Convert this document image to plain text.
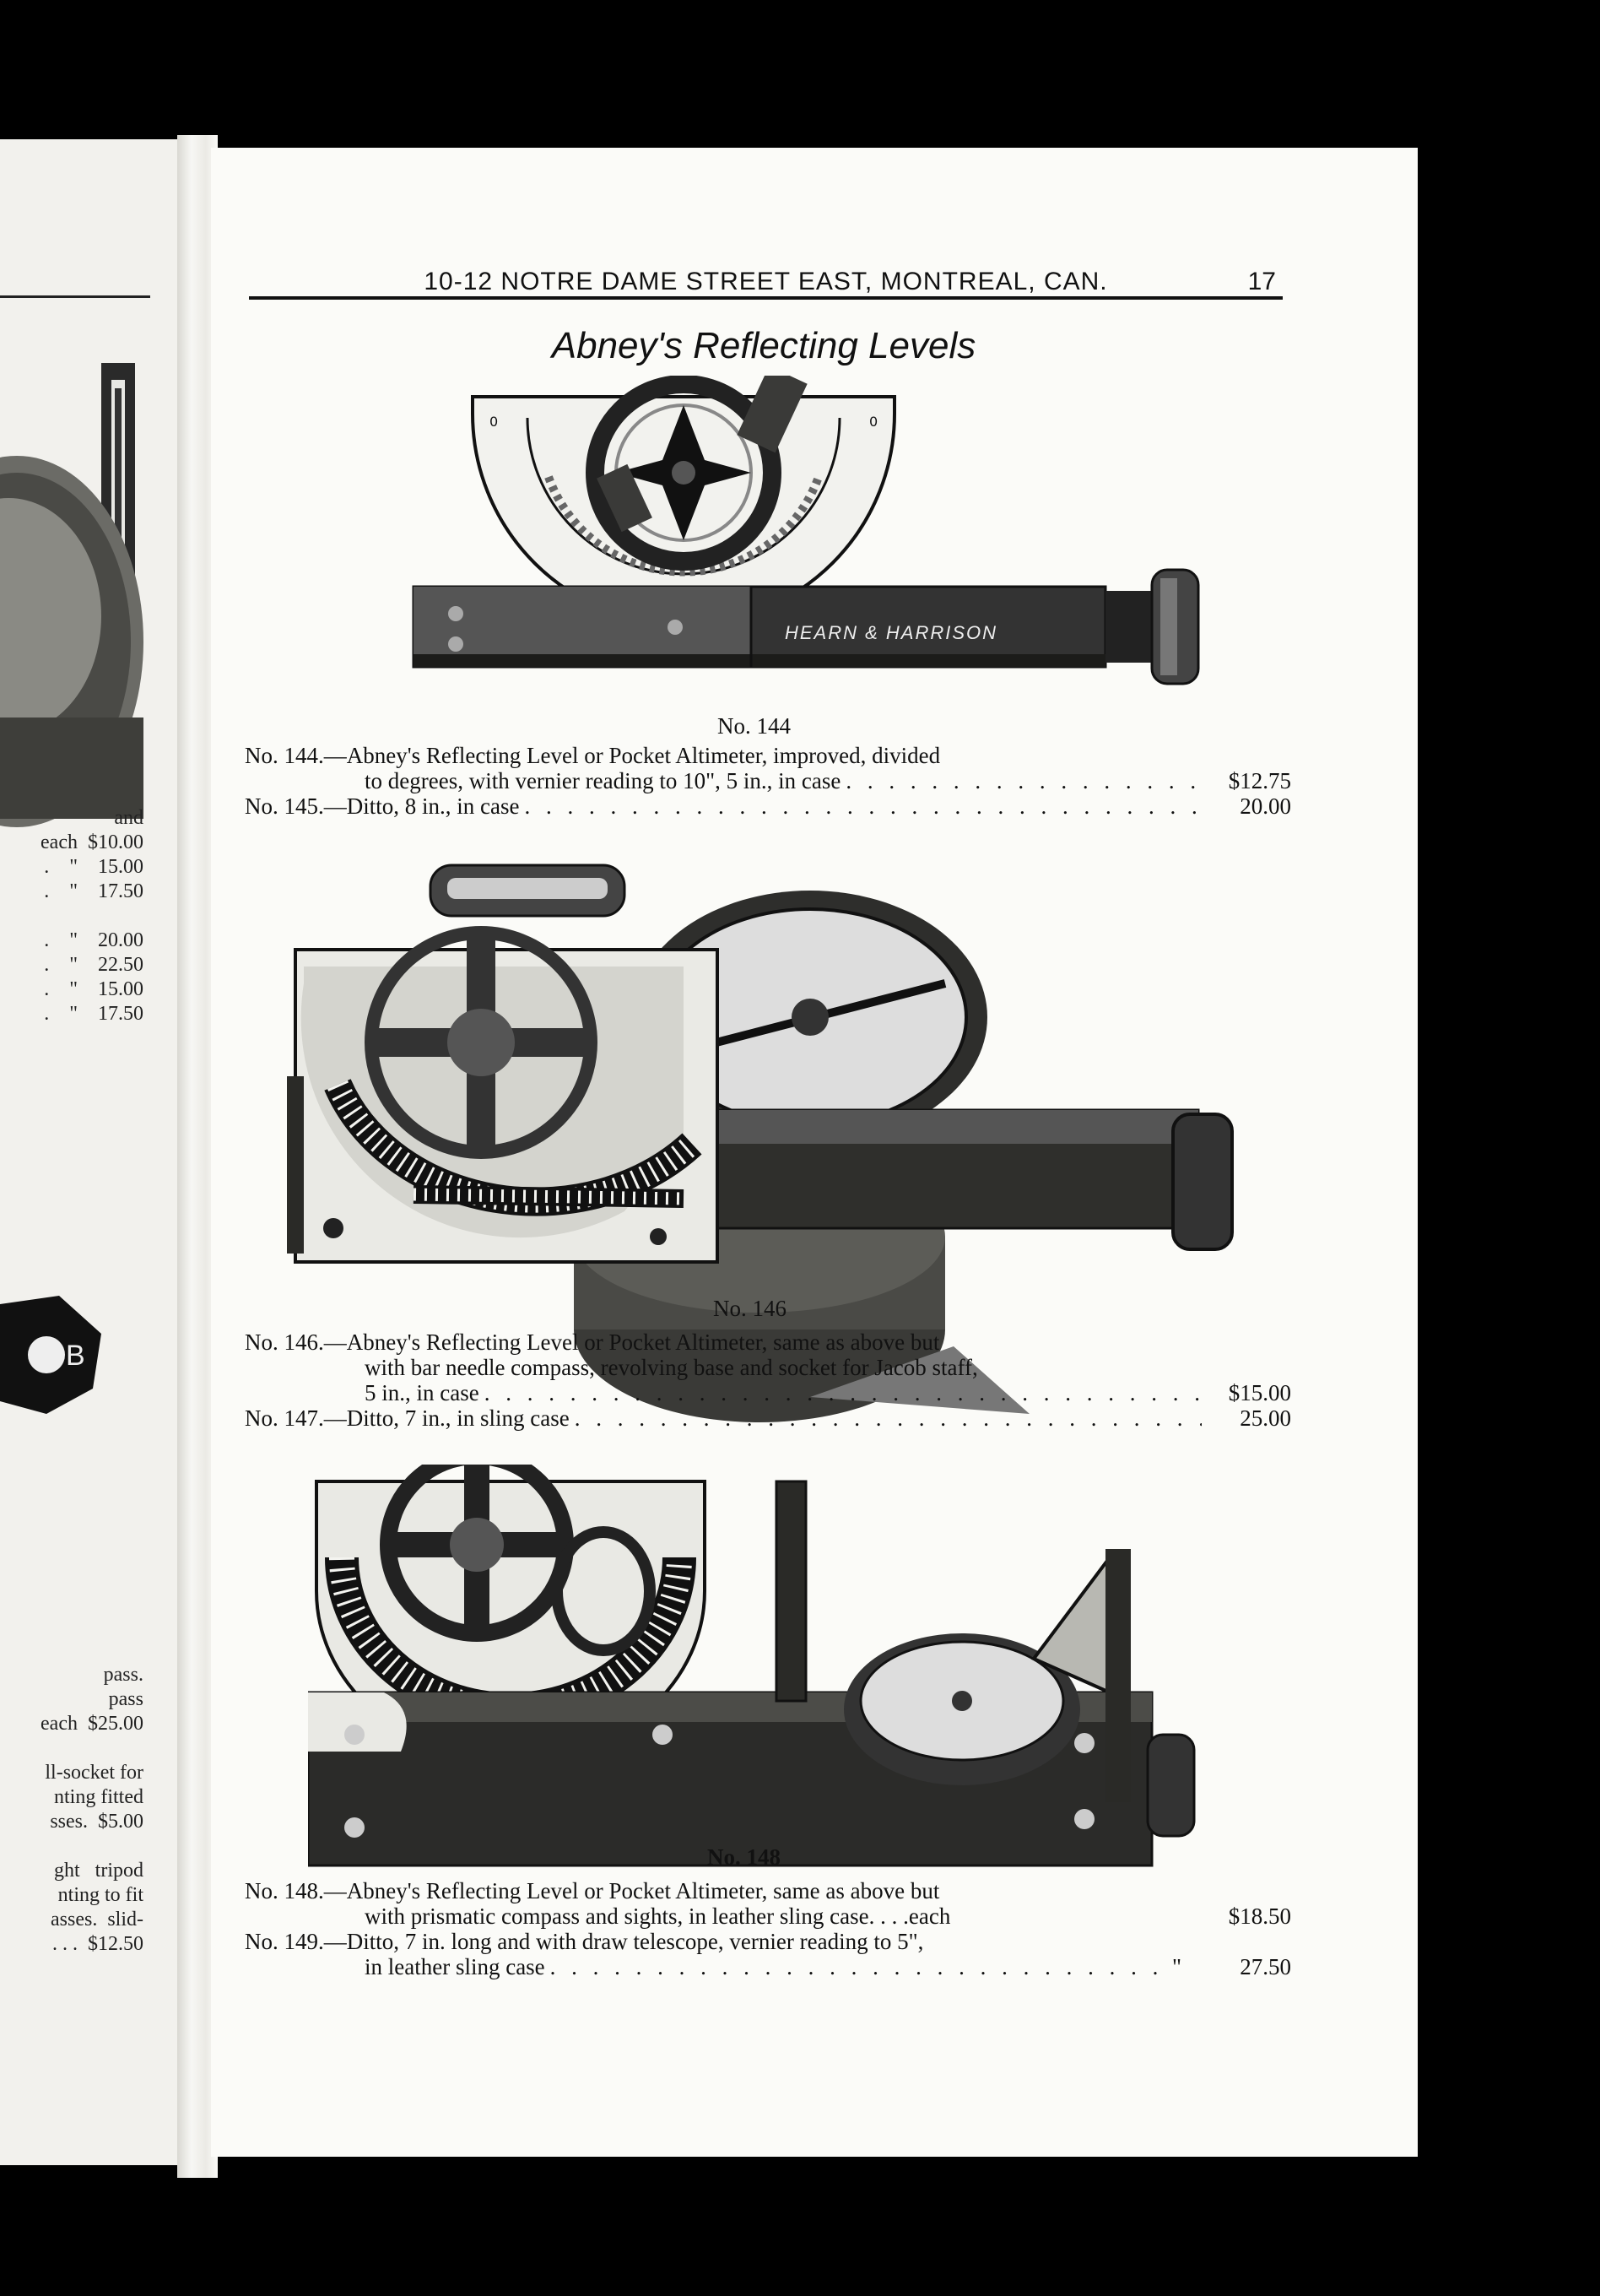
and
each  $10.00
.    "    15.00
.    "    17.50

.    "    20.00
.    "    22.50
.    "    15.00
.    "    17.50
B
pass.
pass
each  $25.00

ll-socket for
nting fitted
sses.  $5.00

ght   tripod
nting to fit
asses.  slid-
. . .  $12.50
10-12 NOTRE DAME STREET EAST, MONTREAL, CAN.	17
Abney's Reflecting Levels
0	0
HEARN & HARRISON
No. 144
No. 144. —Abney's Reflecting Level or Pocket Altimeter, improved, divided
to degrees, with vernier reading to 10", 5 in., in case . . .	$12.75
No. 145. —Ditto, 8 in., in case . . .	20.00
No. 146
No. 146. —Abney's Reflecting Level or Pocket Altimeter, same as above but
with bar needle compass, revolving base and socket for Jacob staff,
5 in., in case . . .	$15.00
No. 147. —Ditto, 7 in., in sling case . . .	25.00
No. 148
No. 148. —Abney's Reflecting Level or Pocket Altimeter, same as above but
with prismatic compass and sights, in leather sling case. . . .each	$18.50
No. 149. —Ditto, 7 in. long and with draw telescope, vernier reading to 5",
in leather sling case . . .	"	27.50
